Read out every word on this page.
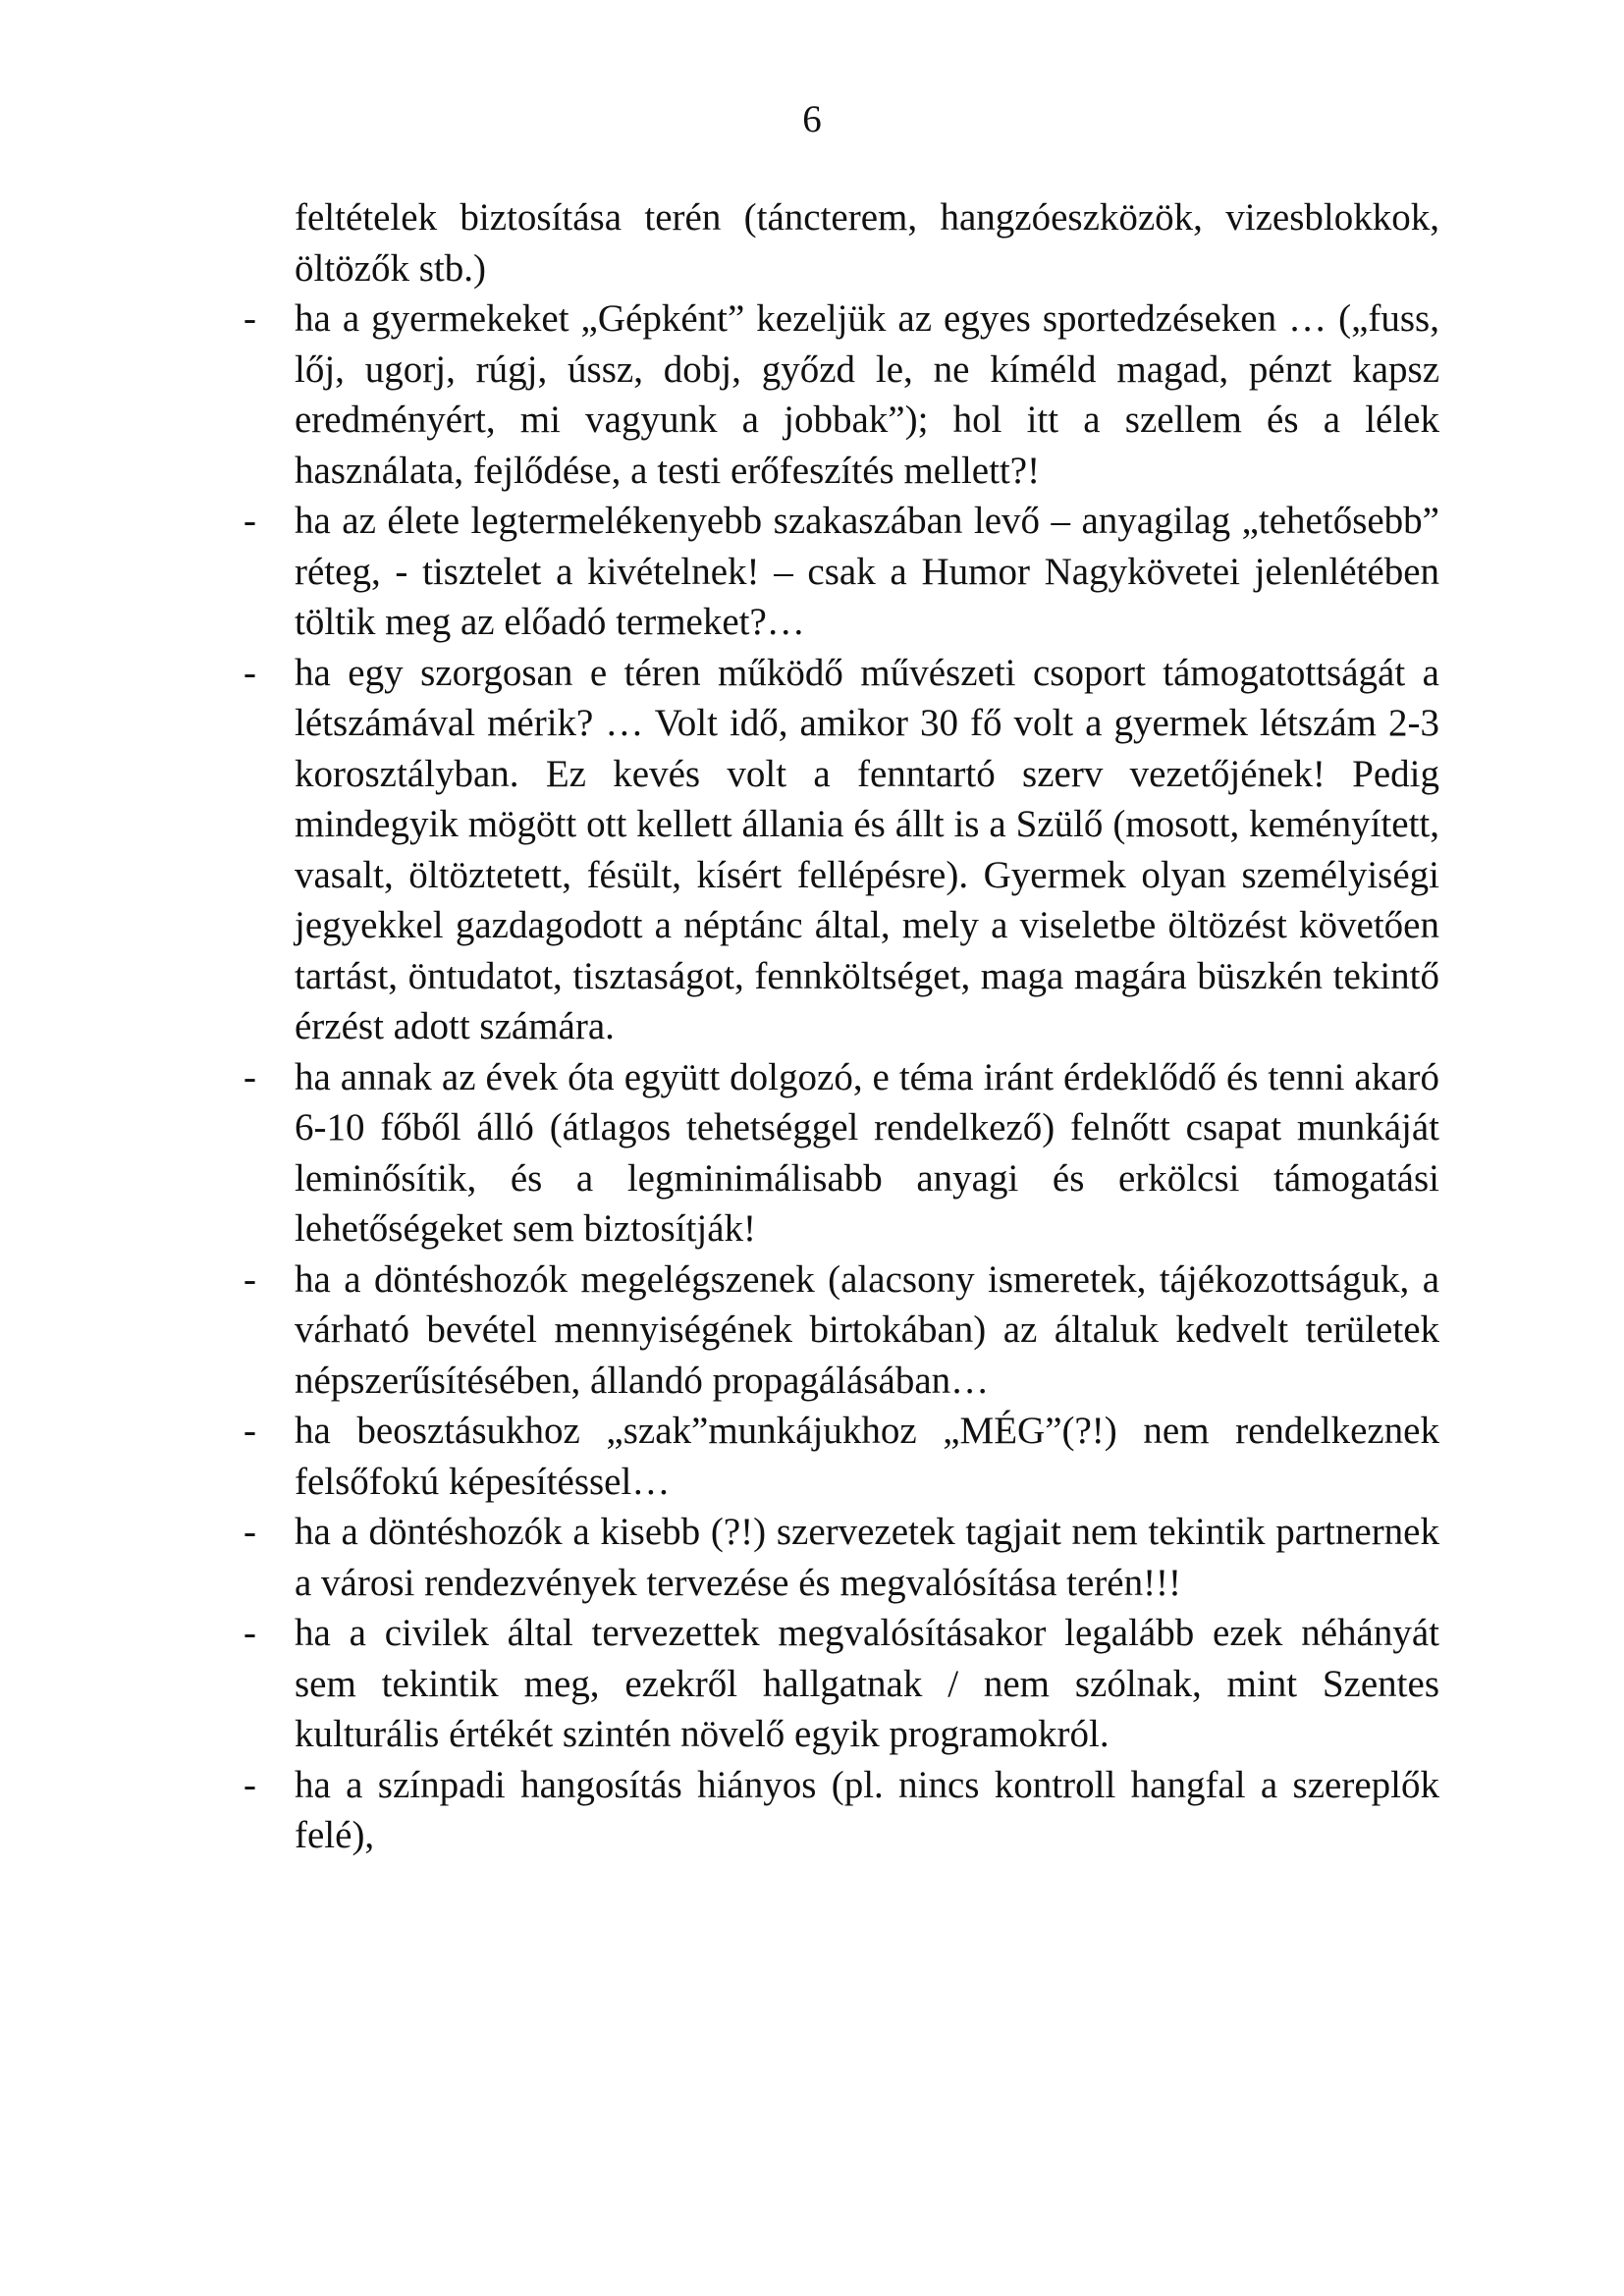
6

feltételek biztosítása terén (táncterem, hangzóeszközök, vizesblokkok, öltözők stb.)

-	ha a gyermekeket „Gépként” kezeljük az egyes sportedzéseken … („fuss, lőj, ugorj, rúgj, ússz, dobj, győzd le, ne kíméld magad, pénzt kapsz eredményért, mi vagyunk a jobbak”); hol itt a szellem és a lélek használata, fejlődése, a testi erőfeszítés mellett?!
-	ha az élete legtermelékenyebb szakaszában levő – anyagilag „tehetősebb” réteg, - tisztelet a kivételnek! – csak a Humor Nagykövetei jelenlétében töltik meg az előadó termeket?…
-	ha egy szorgosan e téren működő művészeti csoport támogatottságát a létszámával mérik? … Volt idő, amikor 30 fő volt a gyermek létszám 2-3 korosztályban. Ez kevés volt a fenntartó szerv vezetőjének! Pedig mindegyik mögött ott kellett állania és állt is a Szülő (mosott, keményített, vasalt, öltöztetett, fésült, kísért fellépésre). Gyermek olyan személyiségi jegyekkel gazdagodott a néptánc által, mely a viseletbe öltözést követően tartást, öntudatot, tisztaságot, fennköltséget, maga magára büszkén tekintő érzést adott számára.
-	ha annak az évek óta együtt dolgozó, e téma iránt érdeklődő és tenni akaró 6-10 főből álló (átlagos tehetséggel rendelkező) felnőtt csapat munkáját leminősítik, és a legminimálisabb anyagi és erkölcsi támogatási lehetőségeket sem biztosítják!
-	ha a döntéshozók megelégszenek (alacsony ismeretek, tájékozottságuk, a várható bevétel mennyiségének birtokában) az általuk kedvelt területek népszerűsítésében, állandó propagálásában…
-	ha beosztásukhoz „szak”munkájukhoz „MÉG”(?!) nem rendelkeznek felsőfokú képesítéssel…
-	ha a döntéshozók a kisebb (?!) szervezetek tagjait nem tekintik partnernek a városi rendezvények tervezése és megvalósítása terén!!!
-	ha a civilek által tervezettek megvalósításakor legalább ezek néhányát sem tekintik meg, ezekről hallgatnak / nem szólnak, mint Szentes kulturális értékét szintén növelő egyik programokról.
-	ha a színpadi hangosítás hiányos (pl. nincs kontroll hangfal a szereplők felé),
